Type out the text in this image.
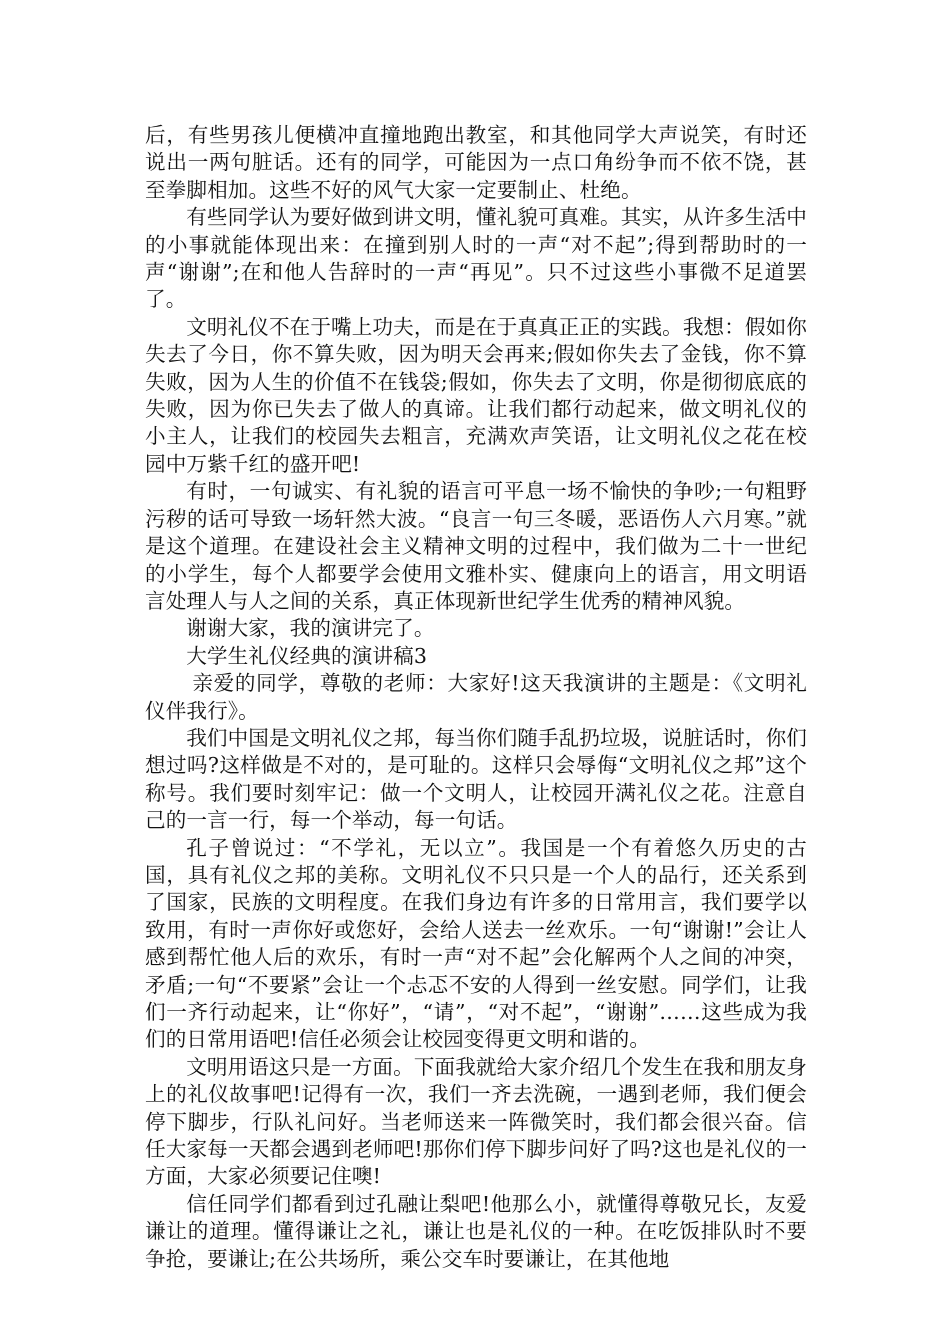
后，有些男孩儿便横冲直撞地跑出教室，和其他同学大声说笑，有时还说出一两句脏话。还有的同学，可能因为一点口角纷争而不依不饶，甚至拳脚相加。这些不好的风气大家一定要制止、杜绝。

有些同学认为要好做到讲文明，懂礼貌可真难。其实，从许多生活中的小事就能体现出来：在撞到别人时的一声“对不起”;得到帮助时的一声“谢谢”;在和他人告辞时的一声“再见”。只不过这些小事微不足道罢了。

文明礼仪不在于嘴上功夫，而是在于真真正正的实践。我想：假如你失去了今日，你不算失败，因为明天会再来;假如你失去了金钱，你不算失败，因为人生的价值不在钱袋;假如，你失去了文明，你是彻彻底底的失败，因为你已失去了做人的真谛。让我们都行动起来，做文明礼仪的小主人，让我们的校园失去粗言，充满欢声笑语，让文明礼仪之花在校园中万紫千红的盛开吧!

有时，一句诚实、有礼貌的语言可平息一场不愉快的争吵;一句粗野污秽的话可导致一场轩然大波。“良言一句三冬暖，恶语伤人六月寒。”就是这个道理。在建设社会主义精神文明的过程中，我们做为二十一世纪的小学生，每个人都要学会使用文雅朴实、健康向上的语言，用文明语言处理人与人之间的关系，真正体现新世纪学生优秀的精神风貌。

谢谢大家，我的演讲完了。

大学生礼仪经典的演讲稿3

亲爱的同学，尊敬的老师：大家好!这天我演讲的主题是：《文明礼仪伴我行》。

我们中国是文明礼仪之邦，每当你们随手乱扔垃圾，说脏话时，你们想过吗?这样做是不对的，是可耻的。这样只会辱侮“文明礼仪之邦”这个称号。我们要时刻牢记：做一个文明人，让校园开满礼仪之花。注意自己的一言一行，每一个举动，每一句话。

孔子曾说过：“不学礼，无以立”。我国是一个有着悠久历史的古国，具有礼仪之邦的美称。文明礼仪不只只是一个人的品行，还关系到了国家，民族的文明程度。在我们身边有许多的日常用言，我们要学以致用，有时一声你好或您好，会给人送去一丝欢乐。一句“谢谢!”会让人感到帮忙他人后的欢乐，有时一声“对不起”会化解两个人之间的冲突，矛盾;一句“不要紧”会让一个忐忑不安的人得到一丝安慰。同学们，让我们一齐行动起来，让“你好”，“请”，“对不起”，“谢谢”……这些成为我们的日常用语吧!信任必须会让校园变得更文明和谐的。

文明用语这只是一方面。下面我就给大家介绍几个发生在我和朋友身上的礼仪故事吧!记得有一次，我们一齐去洗碗，一遇到老师，我们便会停下脚步，行队礼问好。当老师送来一阵微笑时，我们都会很兴奋。信任大家每一天都会遇到老师吧!那你们停下脚步问好了吗?这也是礼仪的一方面，大家必须要记住噢!

信任同学们都看到过孔融让梨吧!他那么小，就懂得尊敬兄长，友爱谦让的道理。懂得谦让之礼，谦让也是礼仪的一种。在吃饭排队时不要争抢，要谦让;在公共场所，乘公交车时要谦让，在其他地
